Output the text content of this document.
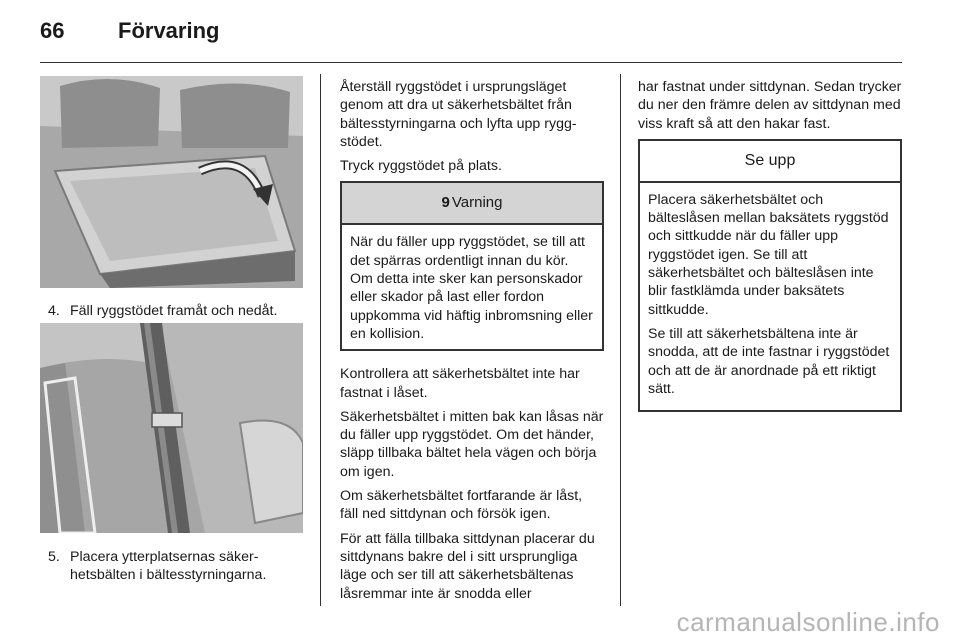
66	Förvaring
4. Fäll ryggstödet framåt och nedåt.
5. Placera ytterplatsernas säker-
hetsbälten i bältesstyrningarna.

Återställ ryggstödet i ursprungsläget genom att dra ut säkerhetsbältet från bältesstyrningarna och lyfta upp ryggstödet.

Tryck ryggstödet på plats.

9 Varning

När du fäller upp ryggstödet, se till att det spärras ordentligt innan du kör. Om detta inte sker kan personskador eller skador på last eller fordon uppkomma vid häftig inbromsning eller en kollision.

Kontrollera att säkerhetsbältet inte har fastnat i låset.

Säkerhetsbältet i mitten bak kan låsas när du fäller upp ryggstödet. Om det händer, släpp tillbaka bältet hela vägen och börja om igen.

Om säkerhetsbältet fortfarande är låst, fäll ned sittdynan och försök igen.

För att fälla tillbaka sittdynan placerar du sittdynans bakre del i sitt ursprungliga läge och ser till att säkerhetsbältenas låsremmar inte är snodda eller

har fastnat under sittdynan. Sedan trycker du ner den främre delen av sittdynan med viss kraft så att den hakar fast.

Se upp

Placera säkerhetsbältet och bälteslåsen mellan baksätets ryggstöd och sittkudde när du fäller upp ryggstödet igen. Se till att säkerhetsbältet och bälteslåsen inte blir fastklämda under baksätets sittkudde.

Se till att säkerhetsbältena inte är snodda, att de inte fastnar i ryggstödet och att de är anordnade på ett riktigt sätt.

carmanualsonline.info
